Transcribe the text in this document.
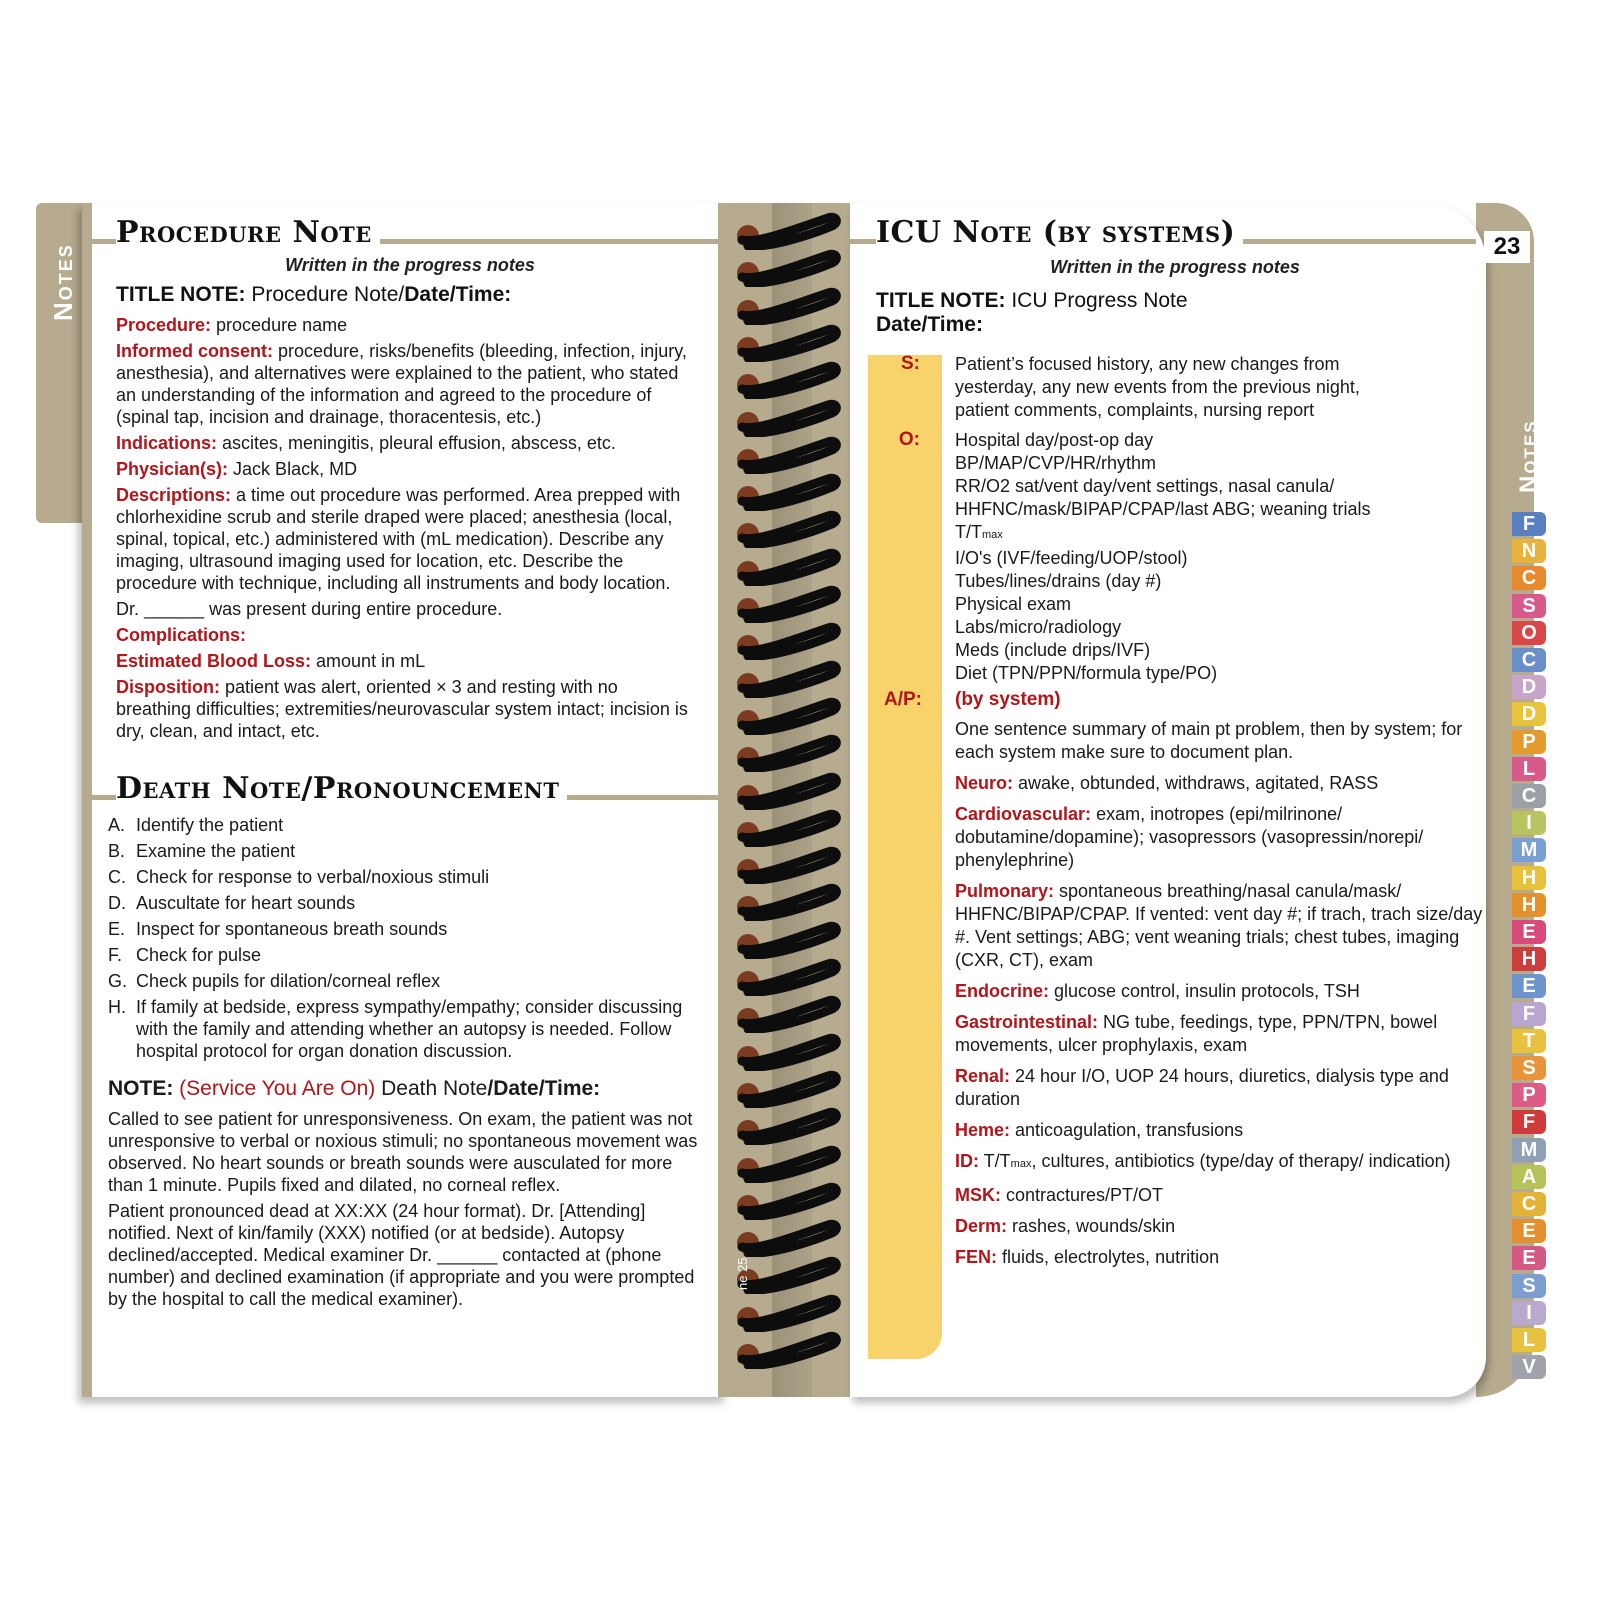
Notes
Procedure Note
Written in the progress notes
TITLE NOTE: Procedure Note/Date/Time:
Death Note/Pronouncement
Procedure: procedure name
Informed consent: procedure, risks/benefits (bleeding, infection, injury, anesthesia), and alternatives were explained to the patient, who stated an understanding of the information and agreed to the procedure of (spinal tap, incision and drainage, thoracentesis, etc.)
Indications: ascites, meningitis, pleural effusion, abscess, etc.
Physician(s): Jack Black, MD
Descriptions: a time out procedure was performed. Area prepped with chlorhexidine scrub and sterile draped were placed; anesthesia (local, spinal, topical, etc.) administered with (mL medication). Describe any imaging, ultrasound imaging used for location, etc. Describe the procedure with technique, including all instruments and body location.
Dr. ______ was present during entire procedure.
Complications:
Estimated Blood Loss: amount in mL
Disposition: patient was alert, oriented × 3 and resting with no breathing difficulties; extremities/neurovascular system intact; incision is dry, clean, and intact, etc.
A. Identify the patient
B. Examine the patient
C. Check for response to verbal/noxious stimuli
D. Auscultate for heart sounds
E. Inspect for spontaneous breath sounds
F. Check for pulse
G. Check pupils for dilation/corneal reflex
H. If family at bedside, express sympathy/empathy; consider discussing with the family and attending whether an autopsy is needed. Follow hospital protocol for organ donation discussion.
NOTE: (Service You Are On) Death Note/Date/Time:

Called to see patient for unresponsiveness. On exam, the patient was not unresponsive to verbal or noxious stimuli; no spontaneous movement was observed. No heart sounds or breath sounds were ausculated for more than 1 minute. Pupils fixed and dilated, no corneal reflex.

Patient pronounced dead at XX:XX (24 hour format). Dr. [Attending] notified. Next of kin/family (XXX) notified (or at bedside). Autopsy declined/accepted. Medical examiner Dr. ______ contacted at (phone number) and declined examination (if appropriate and you were prompted by the hospital to call the medical examiner).

ne 25
ICU Note (by systems)
Written in the progress notes
TITLE NOTE: ICU Progress Note
Date/Time:
23
S: Patient’s focused history, any new changes from
yesterday, any new events from the previous night,
patient comments, complaints, nursing report
O: Hospital day/post-op day
BP/MAP/CVP/HR/rhythm
RR/O2 sat/vent day/vent settings, nasal canula/
HHFNC/mask/BIPAP/CPAP/last ABG; weaning trials
T/Tmax
I/O's (IVF/feeding/UOP/stool)
Tubes/lines/drains (day #)
Physical exam
Labs/micro/radiology
Meds (include drips/IVF)
Diet (TPN/PPN/formula type/PO)
A/P: (by system)
One sentence summary of main pt problem, then by system; for each system make sure to document plan.
Neuro: awake, obtunded, withdraws, agitated, RASS
Cardiovascular: exam, inotropes (epi/milrinone/ dobutamine/dopamine); vasopressors (vasopressin/norepi/ phenylephrine)
Pulmonary: spontaneous breathing/nasal canula/mask/ HHFNC/BIPAP/CPAP. If vented: vent day #; if trach, trach size/day #. Vent settings; ABG; vent weaning trials; chest tubes, imaging (CXR, CT), exam
Endocrine: glucose control, insulin protocols, TSH
Gastrointestinal: NG tube, feedings, type, PPN/TPN, bowel movements, ulcer prophylaxis, exam
Renal: 24 hour I/O, UOP 24 hours, diuretics, dialysis type and duration
Heme: anticoagulation, transfusions
ID: T/Tmax, cultures, antibiotics (type/day of therapy/ indication)
MSK: contractures/PT/OT
Derm: rashes, wounds/skin
FEN: fluids, electrolytes, nutrition
F
N
C
S
O
C
D
D
P
L
C
I
M
H
H
E
H
E
F
T
S
P
F
M
A
C
E
E
S
I
L
V
Notes
